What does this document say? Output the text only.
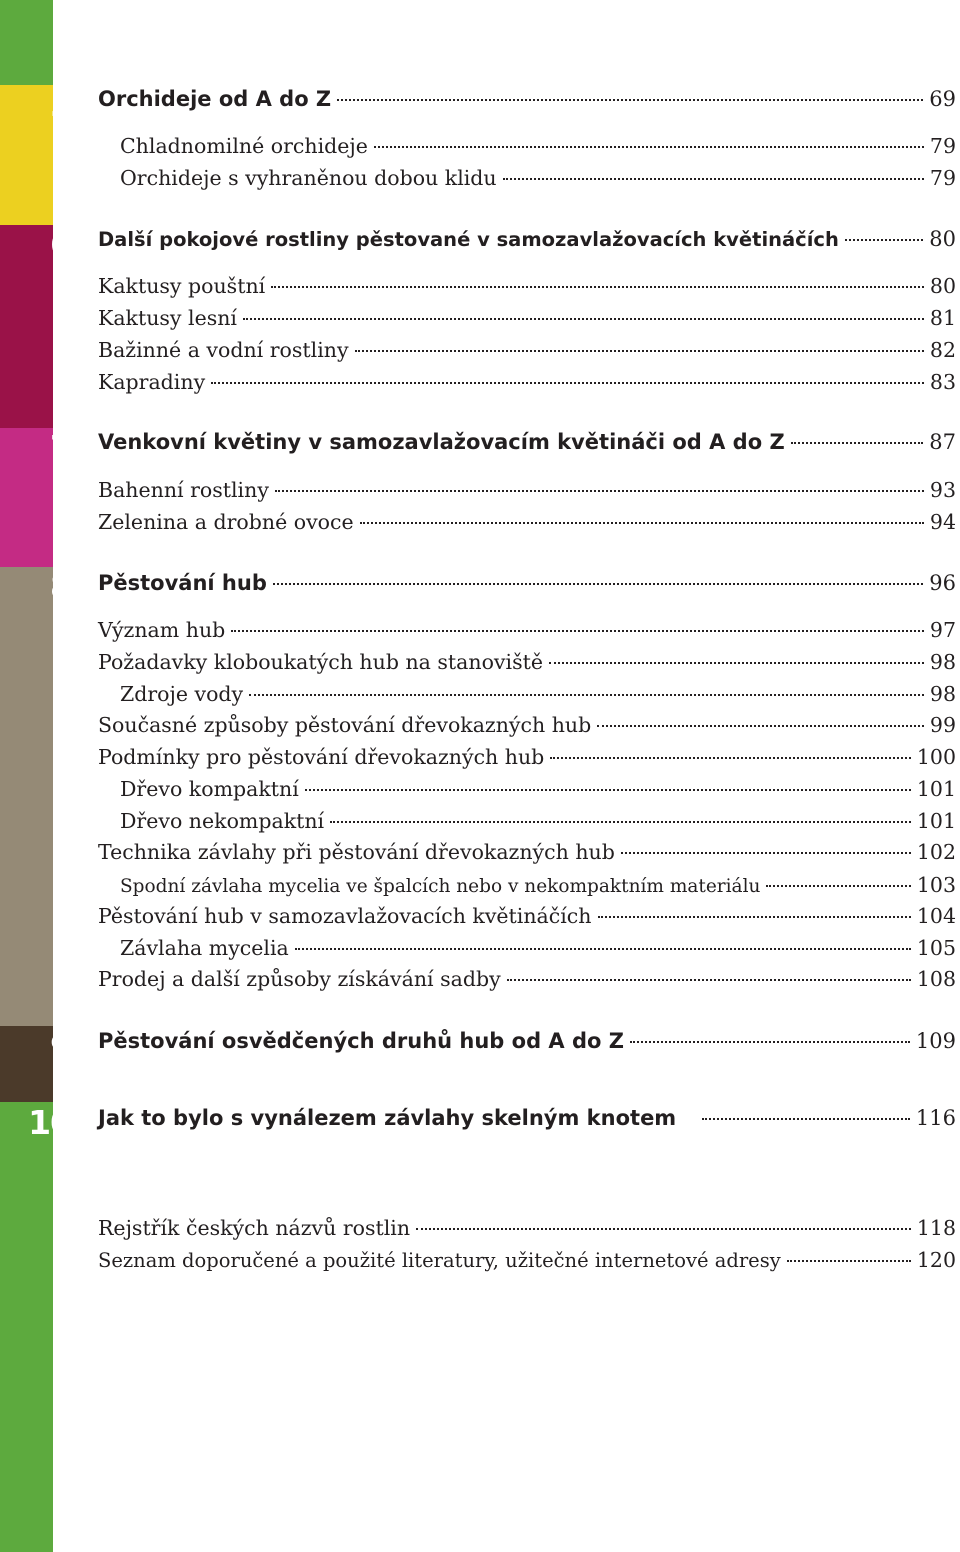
5
6
7
8
9
10
Orchideje od A do Z	69
Chladnomilné orchideje	79
Orchideje s vyhraněnou dobou klidu	79
Další pokojové rostliny pěstované v samozavlažovacích květináčích	80
Kaktusy pouštní	80
Kaktusy lesní	81
Bažinné a vodní rostliny	82
Kapradiny	83
Venkovní květiny v samozavlažovacím květináči od A do Z	87
Bahenní rostliny	93
Zelenina a drobné ovoce	94
Pěstování hub	96
Význam hub	97
Požadavky kloboukatých hub na stanoviště	98
Zdroje vody	98
Současné způsoby pěstování dřevokazných hub	99
Podmínky pro pěstování dřevokazných hub	100
Dřevo kompaktní	101
Dřevo nekompaktní	101
Technika závlahy při pěstování dřevokazných hub	102
Spodní závlaha mycelia ve špalcích nebo v nekompaktním materiálu	103
Pěstování hub v samozavlažovacích květináčích	104
Závlaha mycelia	105
Prodej a další způsoby získávání sadby	108
Pěstování osvědčených druhů hub od A do Z	109
Jak to bylo s vynálezem závlahy skelným knotem	116
Rejstřík českých názvů rostlin	118
Seznam doporučené a použité literatury, užitečné internetové adresy	120
